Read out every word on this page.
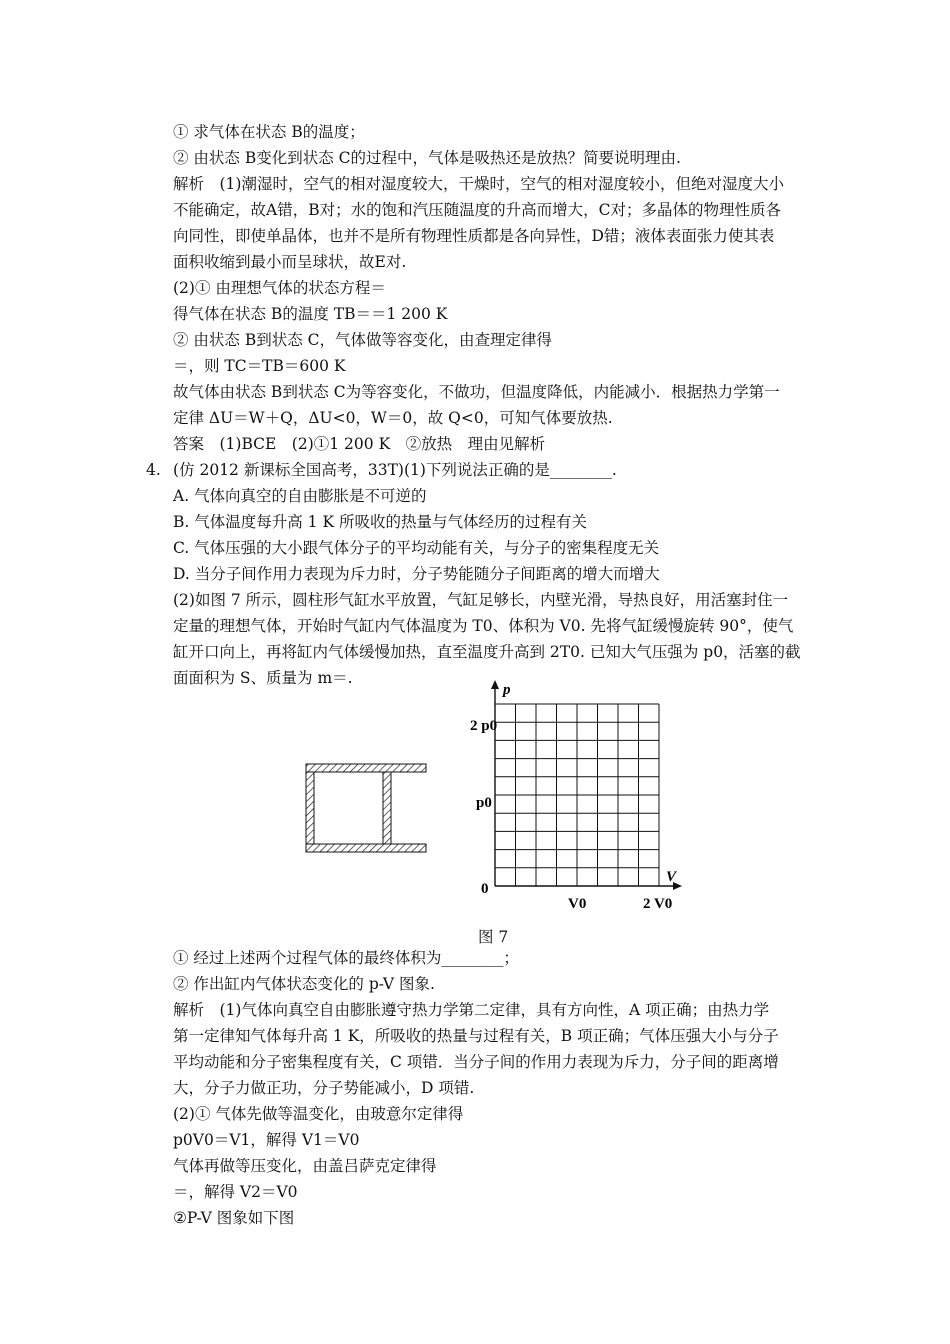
① 求气体在状态 B的温度；
② 由状态 B变化到状态 C的过程中，气体是吸热还是放热？简要说明理由.
解析　(1)潮湿时，空气的相对湿度较大，干燥时，空气的相对湿度较小，但绝对湿度大小
不能确定，故A错，B对；水的饱和汽压随温度的升高而增大，C对；多晶体的物理性质各
向同性，即使单晶体，也并不是所有物理性质都是各向异性，D错；液体表面张力使其表
面积收缩到最小而呈球状，故E对.
(2)① 由理想气体的状态方程＝
得气体在状态 B的温度 TB＝＝1 200 K
② 由状态 B到状态 C，气体做等容变化，由查理定律得
＝，则 TC＝TB＝600 K
故气体由状态 B到状态 C为等容变化，不做功，但温度降低，内能减小．根据热力学第一
定律 ΔU＝W＋Q，ΔU<0，W＝0，故 Q<0，可知气体要放热.
答案　(1)BCE　(2)①1 200 K　②放热　理由见解析
4. (仿 2012 新课标全国高考，33T)(1)下列说法正确的是________.
A. 气体向真空的自由膨胀是不可逆的
B. 气体温度每升高 1 K 所吸收的热量与气体经历的过程有关
C. 气体压强的大小跟气体分子的平均动能有关，与分子的密集程度无关
D. 当分子间作用力表现为斥力时，分子势能随分子间距离的增大而增大
(2)如图 7 所示，圆柱形气缸水平放置，气缸足够长，内壁光滑，导热良好，用活塞封住一
定量的理想气体，开始时气缸内气体温度为 T0、体积为 V0. 先将气缸缓慢旋转 90°，使气
缸开口向上，再将缸内气体缓慢加热，直至温度升高到 2T0. 已知大气压强为 p0，活塞的截
面面积为 S、质量为 m＝.
p
V
0
2 p0
p0
V0	2 V0
图 7
① 经过上述两个过程气体的最终体积为________；
② 作出缸内气体状态变化的 p-V 图象.
解析　(1)气体向真空自由膨胀遵守热力学第二定律，具有方向性，A 项正确；由热力学
第一定律知气体每升高 1 K，所吸收的热量与过程有关，B 项正确；气体压强大小与分子
平均动能和分子密集程度有关，C 项错．当分子间的作用力表现为斥力，分子间的距离增
大，分子力做正功，分子势能减小，D 项错.
(2)① 气体先做等温变化，由玻意尔定律得
p0V0＝V1，解得 V1＝V0
气体再做等压变化，由盖吕萨克定律得
＝，解得 V2＝V0
②P-V 图象如下图
